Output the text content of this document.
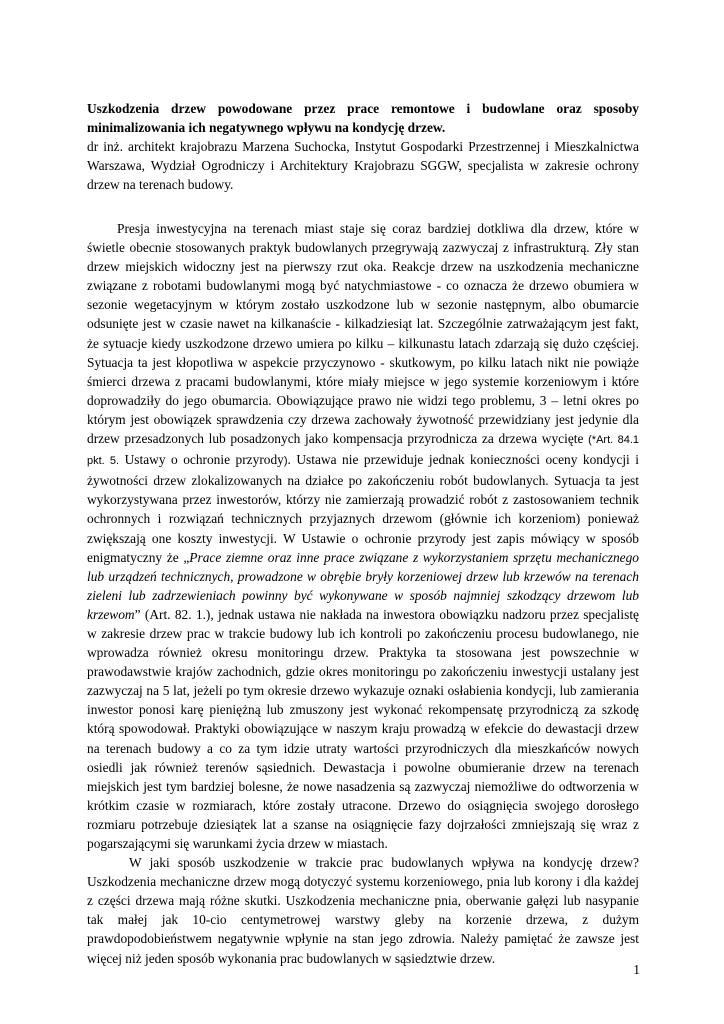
Uszkodzenia drzew powodowane przez prace remontowe i budowlane oraz sposoby minimalizowania ich negatywnego wpływu na kondycję drzew.

dr inż. architekt krajobrazu Marzena Suchocka, Instytut Gospodarki Przestrzennej i Mieszkalnictwa Warszawa, Wydział Ogrodniczy i Architektury Krajobrazu SGGW, specjalista w zakresie ochrony drzew na terenach budowy.

Presja inwestycyjna na terenach miast staje się coraz bardziej dotkliwa dla drzew, które w świetle obecnie stosowanych praktyk budowlanych przegrywają zazwyczaj z infrastrukturą. Zły stan drzew miejskich widoczny jest na pierwszy rzut oka. Reakcje drzew na uszkodzenia mechaniczne związane z robotami budowlanymi mogą być natychmiastowe - co oznacza że drzewo obumiera w sezonie wegetacyjnym w którym zostało uszkodzone lub w sezonie następnym, albo obumarcie odsunięte jest w czasie nawet na kilkanaście - kilkadziesiąt lat. Szczególnie zatrważającym jest fakt, że sytuacje kiedy uszkodzone drzewo umiera po kilku – kilkunastu latach zdarzają się dużo częściej. Sytuacja ta jest kłopotliwa w aspekcie przyczynowo - skutkowym, po kilku latach nikt nie powiąże śmierci drzewa z pracami budowlanymi, które miały miejsce w jego systemie korzeniowym i które doprowadziły do jego obumarcia. Obowiązujące prawo nie widzi tego problemu, 3 – letni okres po którym jest obowiązek sprawdzenia czy drzewa zachowały żywotność przewidziany jest jedynie dla drzew przesadzonych lub posadzonych jako kompensacja przyrodnicza za drzewa wycięte (*Art. 84.1 pkt. 5. Ustawy o ochronie przyrody). Ustawa nie przewiduje jednak konieczności oceny kondycji i żywotności drzew zlokalizowanych na działce po zakończeniu robót budowlanych. Sytuacja ta jest wykorzystywana przez inwestorów, którzy nie zamierzają prowadzić robót z zastosowaniem technik ochronnych i rozwiązań technicznych przyjaznych drzewom (głównie ich korzeniom) ponieważ zwiększają one koszty inwestycji. W Ustawie o ochronie przyrody jest zapis mówiący w sposób enigmatyczny że „Prace ziemne oraz inne prace związane z wykorzystaniem sprzętu mechanicznego lub urządzeń technicznych, prowadzone w obrębie bryły korzeniowej drzew lub krzewów na terenach zieleni lub zadrzewieniach powinny być wykonywane w sposób najmniej szkodzący drzewom lub krzewom” (Art. 82. 1.), jednak ustawa nie nakłada na inwestora obowiązku nadzoru przez specjalistę w zakresie drzew prac w trakcie budowy lub ich kontroli po zakończeniu procesu budowlanego, nie wprowadza również okresu monitoringu drzew. Praktyka ta stosowana jest powszechnie w prawodawstwie krajów zachodnich, gdzie okres monitoringu po zakończeniu inwestycji ustalany jest zazwyczaj na 5 lat, jeżeli po tym okresie drzewo wykazuje oznaki osłabienia kondycji, lub zamierania inwestor ponosi karę pieniężną lub zmuszony jest wykonać rekompensatę przyrodniczą za szkodę którą spowodował. Praktyki obowiązujące w naszym kraju prowadzą w efekcie do dewastacji drzew na terenach budowy a co za tym idzie utraty wartości przyrodniczych dla mieszkańców nowych osiedli jak również terenów sąsiednich. Dewastacja i powolne obumieranie drzew na terenach miejskich jest tym bardziej bolesne, że nowe nasadzenia są zazwyczaj niemożliwe do odtworzenia w krótkim czasie w rozmiarach, które zostały utracone. Drzewo do osiągnięcia swojego dorosłego rozmiaru potrzebuje dziesiątek lat a szanse na osiągnięcie fazy dojrzałości zmniejszają się wraz z pogarszającymi się warunkami życia drzew w miastach.

W jaki sposób uszkodzenie w trakcie prac budowlanych wpływa na kondycję drzew? Uszkodzenia mechaniczne drzew mogą dotyczyć systemu korzeniowego, pnia lub korony i dla każdej z części drzewa mają różne skutki. Uszkodzenia mechaniczne pnia, oberwanie gałęzi lub nasypanie tak małej jak 10-cio centymetrowej warstwy gleby na korzenie drzewa, z dużym prawdopodobieństwem negatywnie wpłynie na stan jego zdrowia. Należy pamiętać że zawsze jest więcej niż jeden sposób wykonania prac budowlanych w sąsiedztwie drzew.

1
